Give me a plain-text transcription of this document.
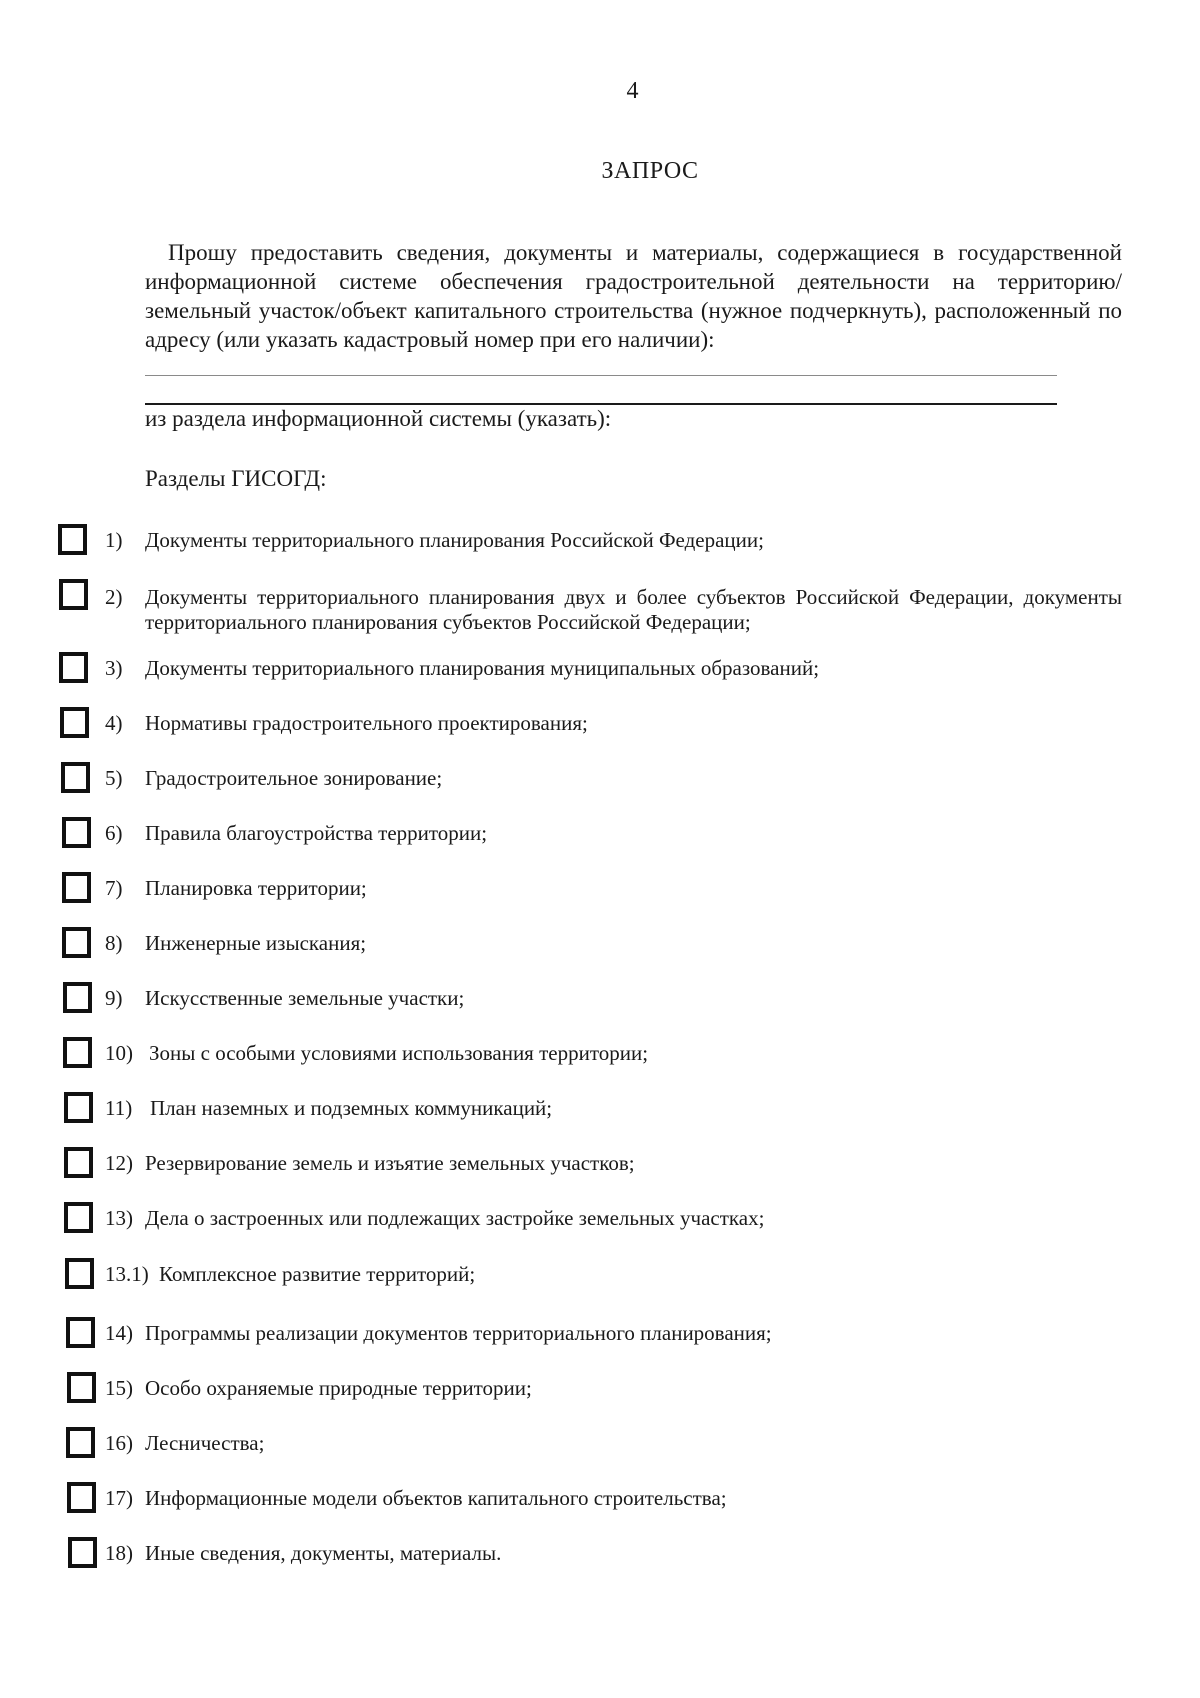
4
ЗАПРОС

Прошу предоставить сведения, документы и материалы, содержащиеся в государственной информационной системе обеспечения градостроительной деятельности на территорию/земельный участок/объект капитального строительства (нужное подчеркнуть), расположенный по адресу (или указать кадастровый номер при его наличии):

из раздела информационной системы (указать):
Разделы ГИСОГД:
1) Документы территориального планирования Российской Федерации;
2) Документы территориального планирования двух и более субъектов Российской Федерации, документы территориального планирования субъектов Российской Федерации;
3) Документы территориального планирования муниципальных образований;
4) Нормативы градостроительного проектирования;
5) Градостроительное зонирование;
6) Правила благоустройства территории;
7) Планировка территории;
8) Инженерные изыскания;
9) Искусственные земельные участки;
10) Зоны с особыми условиями использования территории;
11) План наземных и подземных коммуникаций;
12) Резервирование земель и изъятие земельных участков;
13) Дела о застроенных или подлежащих застройке земельных участках;
13.1) Комплексное развитие территорий;
14) Программы реализации документов территориального планирования;
15) Особо охраняемые природные территории;
16) Лесничества;
17) Информационные модели объектов капитального строительства;
18) Иные сведения, документы, материалы.
